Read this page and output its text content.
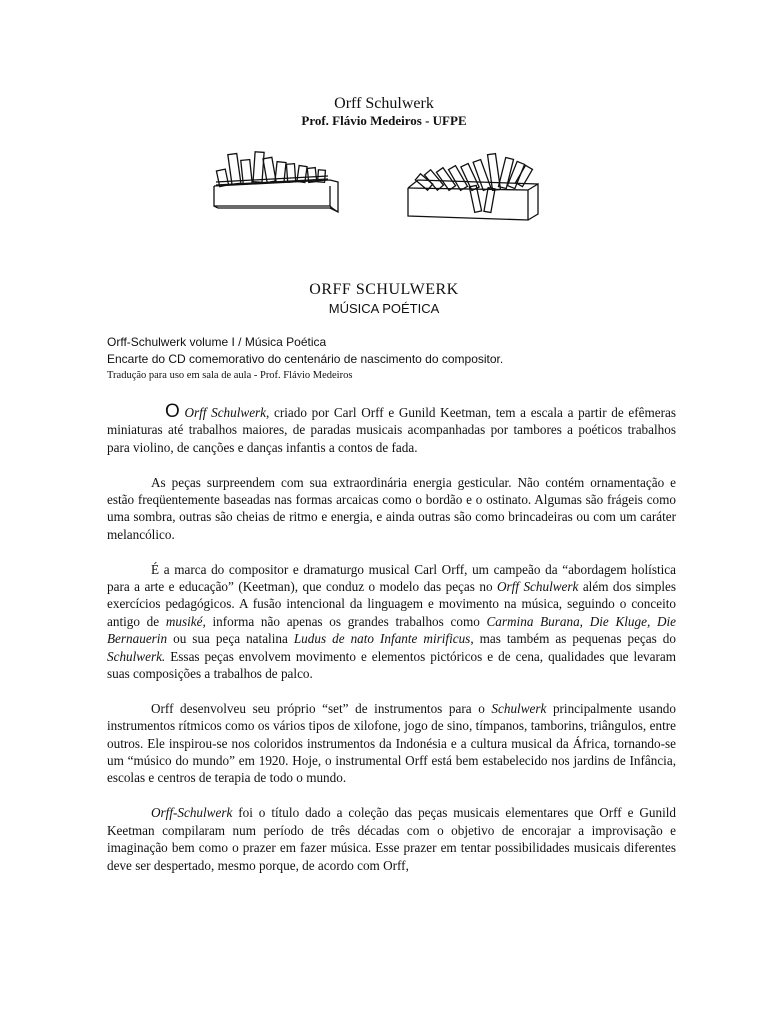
Orff Schulwerk
Prof. Flávio Medeiros - UFPE
ORFF SCHULWERK
MÚSICA POÉTICA
Orff-Schulwerk volume I / Música Poética
Encarte do CD comemorativo do centenário de nascimento do compositor.
Tradução para uso em sala de aula - Prof. Flávio Medeiros

O Orff Schulwerk, criado por Carl Orff e Gunild Keetman, tem a escala a partir de efêmeras miniaturas até trabalhos maiores, de paradas musicais acompanhadas por tambores a poéticos trabalhos para violino, de canções e danças infantis a contos de fada.

As peças surpreendem com sua extraordinária energia gesticular. Não contém ornamentação e estão freqüentemente baseadas nas formas arcaicas como o bordão e o ostinato. Algumas são frágeis como uma sombra, outras são cheias de ritmo e energia, e ainda outras são como brincadeiras ou com um caráter melancólico.

É a marca do compositor e dramaturgo musical Carl Orff, um campeão da “abordagem holística para a arte e educação” (Keetman), que conduz o modelo das peças no Orff Schulwerk além dos simples exercícios pedagógicos. A fusão intencional da linguagem e movimento na música, seguindo o conceito antigo de musiké, informa não apenas os grandes trabalhos como Carmina Burana, Die Kluge, Die Bernauerin ou sua peça natalina Ludus de nato Infante mirificus, mas também as pequenas peças do Schulwerk. Essas peças envolvem movimento e elementos pictóricos e de cena, qualidades que levaram suas composições a trabalhos de palco.

Orff desenvolveu seu próprio “set” de instrumentos para o Schulwerk principalmente usando instrumentos rítmicos como os vários tipos de xilofone, jogo de sino, tímpanos, tamborins, triângulos, entre outros. Ele inspirou-se nos coloridos instrumentos da Indonésia e a cultura musical da África, tornando-se um “músico do mundo” em 1920. Hoje, o instrumental Orff está bem estabelecido nos jardins de Infância, escolas e centros de terapia de todo o mundo.

Orff-Schulwerk foi o título dado a coleção das peças musicais elementares que Orff e Gunild Keetman compilaram num período de três décadas com o objetivo de encorajar a improvisação e imaginação bem como o prazer em fazer música. Esse prazer em tentar possibilidades musicais diferentes deve ser despertado, mesmo porque, de acordo com Orff,
